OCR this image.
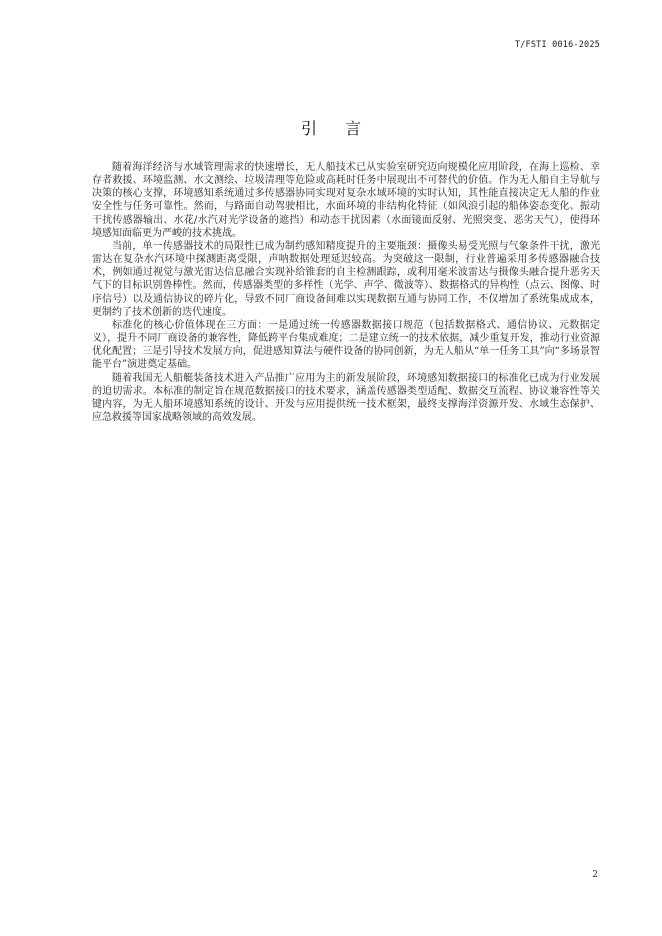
T/FSTI 0016-2025
引言

随着海洋经济与水域管理需求的快速增长，无人船技术已从实验室研究迈向规模化应用阶段，在海上巡检、幸存者救援、环境监测、水文测绘、垃圾清理等危险或高耗时任务中展现出不可替代的价值。作为无人船自主导航与决策的核心支撑，环境感知系统通过多传感器协同实现对复杂水域环境的实时认知，其性能直接决定无人船的作业安全性与任务可靠性。然而，与路面自动驾驶相比，水面环境的非结构化特征（如风浪引起的船体姿态变化、振动干扰传感器输出、水花/水汽对光学设备的遮挡）和动态干扰因素（水面镜面反射、光照突变、恶劣天气），使得环境感知面临更为严峻的技术挑战。

当前，单一传感器技术的局限性已成为制约感知精度提升的主要瓶颈：摄像头易受光照与气象条件干扰，激光雷达在复杂水汽环境中探测距离受限，声呐数据处理延迟较高。为突破这一限制，行业普遍采用多传感器融合技术，例如通过视觉与激光雷达信息融合实现补给锥套的自主检测跟踪，或利用毫米波雷达与摄像头融合提升恶劣天气下的目标识别鲁棒性。然而，传感器类型的多样性（光学、声学、微波等）、数据格式的异构性（点云、图像、时序信号）以及通信协议的碎片化，导致不同厂商设备间难以实现数据互通与协同工作，不仅增加了系统集成成本，更制约了技术创新的迭代速度。

标准化的核心价值体现在三方面：一是通过统一传感器数据接口规范（包括数据格式、通信协议、元数据定义），提升不同厂商设备的兼容性，降低跨平台集成难度；二是建立统一的技术依据，减少重复开发，推动行业资源优化配置；三是引导技术发展方向，促进感知算法与硬件设备的协同创新，为无人船从“单一任务工具”向“多场景智能平台”演进奠定基础。

随着我国无人船艇装备技术进入产品推广应用为主的新发展阶段，环境感知数据接口的标准化已成为行业发展的迫切需求。本标准的制定旨在规范数据接口的技术要求，涵盖传感器类型适配、数据交互流程、协议兼容性等关键内容，为无人船环境感知系统的设计、开发与应用提供统一技术框架，最终支撑海洋资源开发、水域生态保护、应急救援等国家战略领域的高效发展。

2
